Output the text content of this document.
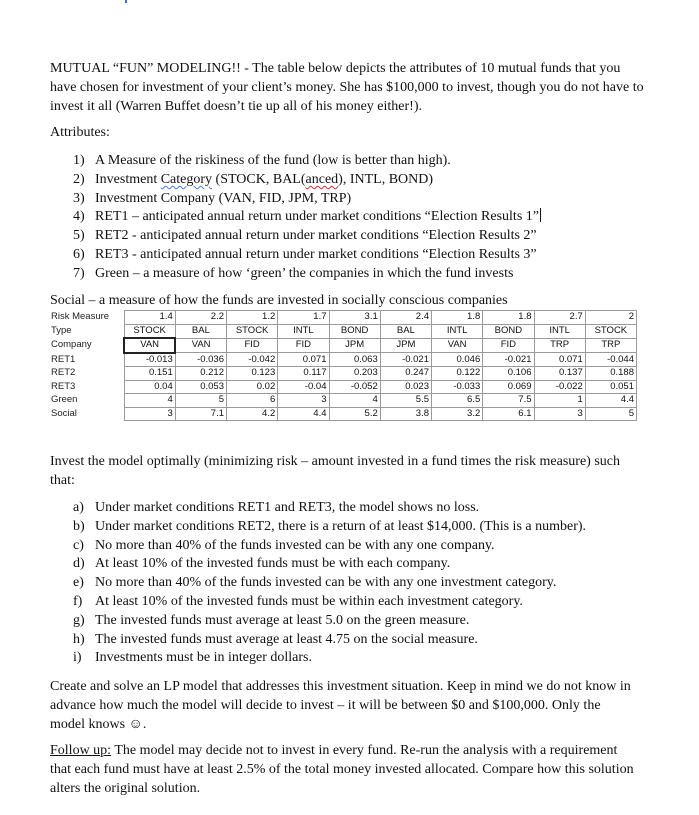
MUTUAL “FUN” MODELING!! - The table below depicts the attributes of 10 mutual funds that you have chosen for investment of your client’s money. She has $100,000 to invest, though you do not have to invest it all (Warren Buffet doesn’t tie up all of his money either!).

Attributes:
1) A Measure of the riskiness of the fund (low is better than high).
2) Investment Category (STOCK, BAL(anced), INTL, BOND)
3) Investment Company (VAN, FID, JPM, TRP)
4) RET1 – anticipated annual return under market conditions “Election Results 1”
5) RET2 - anticipated annual return under market conditions “Election Results 2”
6) RET3 - anticipated annual return under market conditions “Election Results 3”
7) Green – a measure of how ‘green’ the companies in which the fund invests
Social – a measure of how the funds are invested in socially conscious companies
Risk Measure	1.4	2.2	1.2	1.7	3.1	2.4	1.8	1.8	2.7	2
Type	STOCK	BAL	STOCK	INTL	BOND	BAL	INTL	BOND	INTL	STOCK
Company	VAN	VAN	FID	FID	JPM	JPM	VAN	FID	TRP	TRP
RET1	-0.013	-0.036	-0.042	0.071	0.063	-0.021	0.046	-0.021	0.071	-0.044
RET2	0.151	0.212	0.123	0.117	0.203	0.247	0.122	0.106	0.137	0.188
RET3	0.04	0.053	0.02	-0.04	-0.052	0.023	-0.033	0.069	-0.022	0.051
Green	4	5	6	3	4	5.5	6.5	7.5	1	4.4
Social	3	7.1	4.2	4.4	5.2	3.8	3.2	6.1	3	5

Invest the model optimally (minimizing risk – amount invested in a fund times the risk measure) such that:

a) Under market conditions RET1 and RET3, the model shows no loss.
b) Under market conditions RET2, there is a return of at least $14,000. (This is a number).
c) No more than 40% of the funds invested can be with any one company.
d) At least 10% of the invested funds must be with each company.
e) No more than 40% of the funds invested can be with any one investment category.
f) At least 10% of the invested funds must be within each investment category.
g) The invested funds must average at least 5.0 on the green measure.
h) The invested funds must average at least 4.75 on the social measure.
i) Investments must be in integer dollars.

Create and solve an LP model that addresses this investment situation. Keep in mind we do not know in advance how much the model will decide to invest – it will be between $0 and $100,000. Only the model knows ☺.

Follow up: The model may decide not to invest in every fund. Re-run the analysis with a requirement that each fund must have at least 2.5% of the total money invested allocated. Compare how this solution alters the original solution.
